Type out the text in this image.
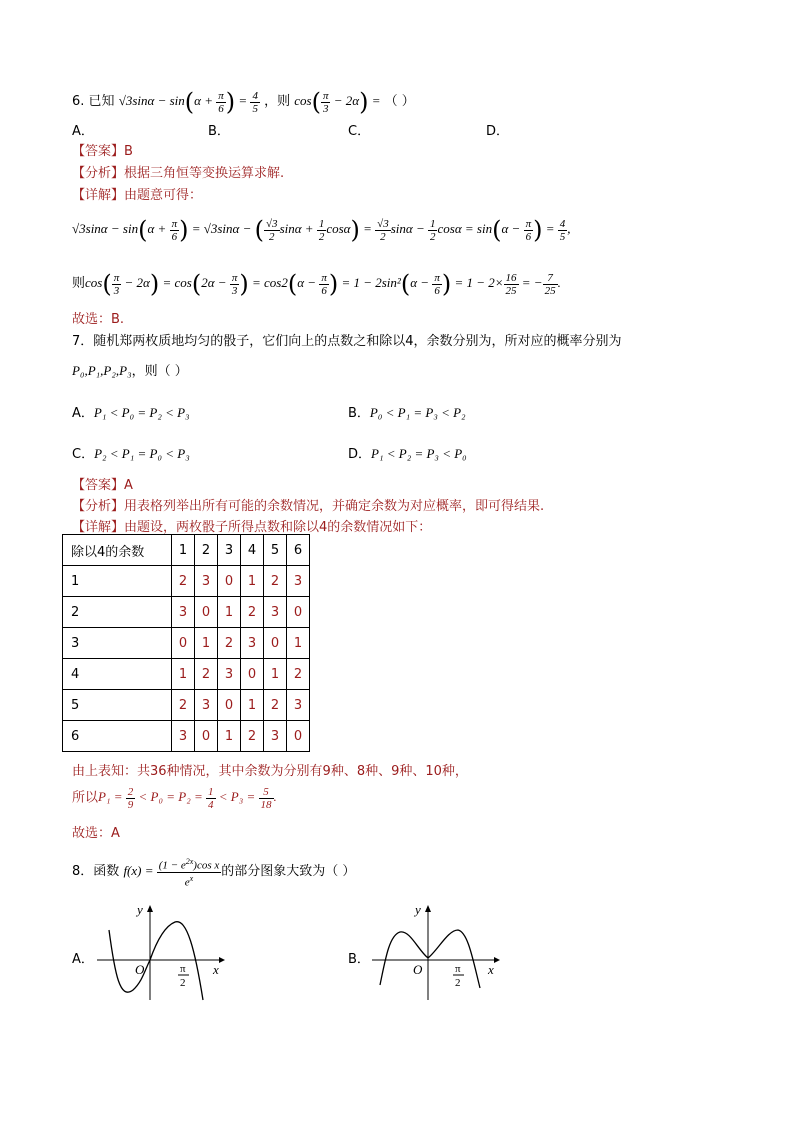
6. 已知 $√3\sin\alpha - \sin(\alpha + \frac{\pi}{6}$ ) = $\frac{4}{5}$ ，则 $\cos( \frac{\pi}{3} - 2\alpha)$ = （ ）
A．	B．	C．	D．
【答案】B
【分析】根据三角恒等变换运算求解.
【详解】由题意可得：
$√3\sin\alpha - \sin(\alpha + \frac{\pi}{6}$ ) = √3sinα − ( $\frac{√3}{2}$ $\sin\alpha + \frac{1}{2} \cos\alpha) = \frac{√3}{2}$ $\sin\alpha - \frac{1}{2}$ $\cos\alpha = \sin(\alpha - \frac{\pi}{6}$ ) = $\frac{4}{5}$ ,
则$\cos( \frac{\pi}{3} - 2\alpha) = \cos(2\alpha - \frac{\pi}{3}$ ) = $\cos 2(\alpha - \frac{\pi}{6}$ ) = $1 - 2\sin^2(\alpha - \frac{\pi}{6}$ ) = $1 - 2\times \frac{16}{25}$ = − $\frac{7}{25}$ .
故选：B.
7．随机郑两枚质地均匀的骰子，它们向上的点数之和除以4，余数分别为，所对应的概率分别为
P₀,P₁,P₂,P₃，则（ ）
A．P₁ < P₀ = P₂ < P₃	B．P₀ < P₁ = P₃ < P₂
C．P₂ < P₁ = P₀ < P₃	D．P₁ < P₂ = P₃ < P₀
【答案】A
【分析】用表格列举出所有可能的余数情况，并确定余数为对应概率，即可得结果.
【详解】由题设，两枚骰子所得点数和除以4的余数情况如下：
除以4的余数	1	2	3	4	5	6
1	2	3	0	1	2	3
2	3	0	1	2	3	0
3	0	1	2	3	0	1
4	1	2	3	0	1	2
5	2	3	0	1	2	3
6	3	0	1	2	3	0
由上表知：共36种情况，其中余数为分别有9种、8种、9种、10种，
所以$P_1 = \frac{2}{9} < P_0 = P_2 = \frac{1}{4} < P_3 = \frac{5}{18}$ .
故选：A
8．函数 $f(x) = \frac{(1 - e^{2x})\cos x}{e^x}$ 的部分图象大致为（ ）
A．
O
y
x
π
2
B．
O
y
x
π
2
